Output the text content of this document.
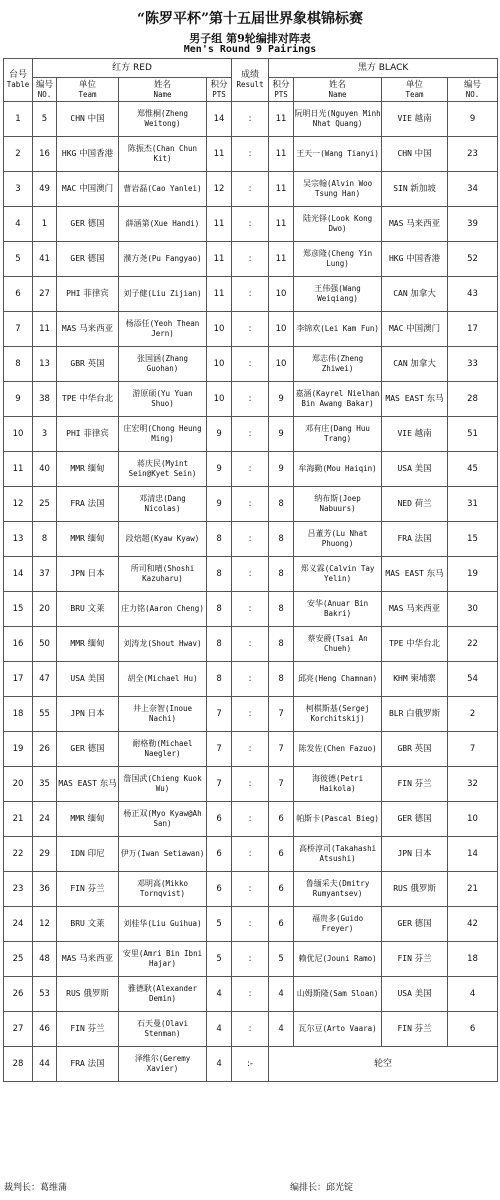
“陈罗平杯”第十五届世界象棋锦标赛
男子组 第9轮编排对阵表
Men's Round 9 Pairings
台号
Table	红方 RED				成绩
Result	黑方 BLACK			
	编号
NO.	单位
Team	姓名
Name	积分
PTS		积分
PTS	姓名
Name	单位
Team	编号
NO.
1	5	CHN 中国	郑惟桐(Zheng Weitong)	14	:	11	阮明日光(Nguyen Minh Nhat Quang)	VIE 越南	9
2	16	HKG 中国香港	陈振杰(Chan Chun Kit)	11	:	11	王天一(Wang Tianyi)	CHN 中国	23
3	49	MAC 中国澳门	曹岩磊(Cao Yanlei)	12	:	11	吴宗翰(Alvin Woo Tsung Han)	SIN 新加坡	34
4	1	GER 德国	薛涵第(Xue Handi)	11	:	11	陆光铎(Look Kong Dwo)	MAS 马来西亚	39
5	41	GER 德国	濮方尧(Pu Fangyao)	11	:	11	郑彦隆(Cheng Yin Lung)	HKG 中国香港	52
6	27	PHI 菲律宾	刘子健(Liu Zijian)	11	:	10	王伟强(Wang Weiqiang)	CAN 加拿大	43
7	11	MAS 马来西亚	杨添任(Yeoh Thean Jern)	10	:	10	李锦欢(Lei Kam Fun)	MAC 中国澳门	17
8	13	GBR 英国	张国涵(Zhang Guohan)	10	:	10	郑志伟(Zheng Zhiwei)	CAN 加拿大	33
9	38	TPE 中华台北	游原硕(Yu Yuan Shuo)	10	:	9	嘉涵(Kayrel Nielhan Bin Awang Bakar)	MAS EAST 东马	28
10	3	PHI 菲律宾	庄宏明(Chong Heung Ming)	9	:	9	邓有庄(Dang Huu Trang)	VIE 越南	51
11	40	MMR 缅甸	蒋庆民(Myint Sein@Kyet Sein)	9	:	9	牟海勤(Mou Haiqin)	USA 美国	45
12	25	FRA 法国	邓清忠(Dang Nicolas)	9	:	8	纳布斯(Joep Nabuurs)	NED 荷兰	31
13	8	MMR 缅甸	段焙超(Kyaw Kyaw)	8	:	8	吕董芳(Lu Nhat Phuong)	FRA 法国	15
14	37	JPN 日本	所司和晴(Shoshi Kazuharu)	8	:	8	郑义霖(Calvin Tay Yelin)	MAS EAST 东马	19
15	20	BRU 文莱	庄力铭(Aaron Cheng)	8	:	8	安华(Anuar Bin Bakri)	MAS 马来西亚	30
16	50	MMR 缅甸	刘涛龙(Shout Hwav)	8	:	8	蔡安爵(Tsai An Chueh)	TPE 中华台北	22
17	47	USA 美国	胡全(Michael Hu)	8	:	8	邱亮(Heng Chamnan)	KHM 柬埔寨	54
18	55	JPN 日本	井上奈智(Inoue Nachi)	7	:	7	柯棋斯基(Sergej Korchitskij)	BLR 白俄罗斯	2
19	26	GER 德国	耐格勒(Michael Naegler)	7	:	7	陈发佐(Chen Fazuo)	GBR 英国	7
20	35	MAS EAST 东马	詹国武(Chieng Kuok Wu)	7	:	7	海彼德(Petri Haikola)	FIN 芬兰	32
21	24	MMR 缅甸	杨正双(Myo Kyaw@Ah San)	6	:	6	帕斯卡(Pascal Bieg)	GER 德国	10
22	29	IDN 印尼	伊万(Iwan Setiawan)	6	:	6	高桥淳司(Takahashi Atsushi)	JPN 日本	14
23	36	FIN 芬兰	邓明高(Mikko Tornqvist)	6	:	6	鲁缅采夫(Dmitry Rumyantsev)	RUS 俄罗斯	21
24	12	BRU 文莱	刘桂华(Liu Guihua)	5	:	6	福贵多(Guido Freyer)	GER 德国	42
25	48	MAS 马来西亚	安里(Amri Bin Ibni Hajar)	5	:	5	赖优尼(Jouni Ramo)	FIN 芬兰	18
26	53	RUS 俄罗斯	雅德耿(Alexander Demin)	4	:	4	山姆斯隆(Sam Sloan)	USA 美国	4
27	46	FIN 芬兰	石天曼(Olavi Stenman)	4	:	4	瓦尔豆(Arto Vaara)	FIN 芬兰	6
28	44	FRA 法国	泽维尔(Geremy Xavier)	4	:-	轮空			
裁判长：葛维蒲	编排长：邱光锭
